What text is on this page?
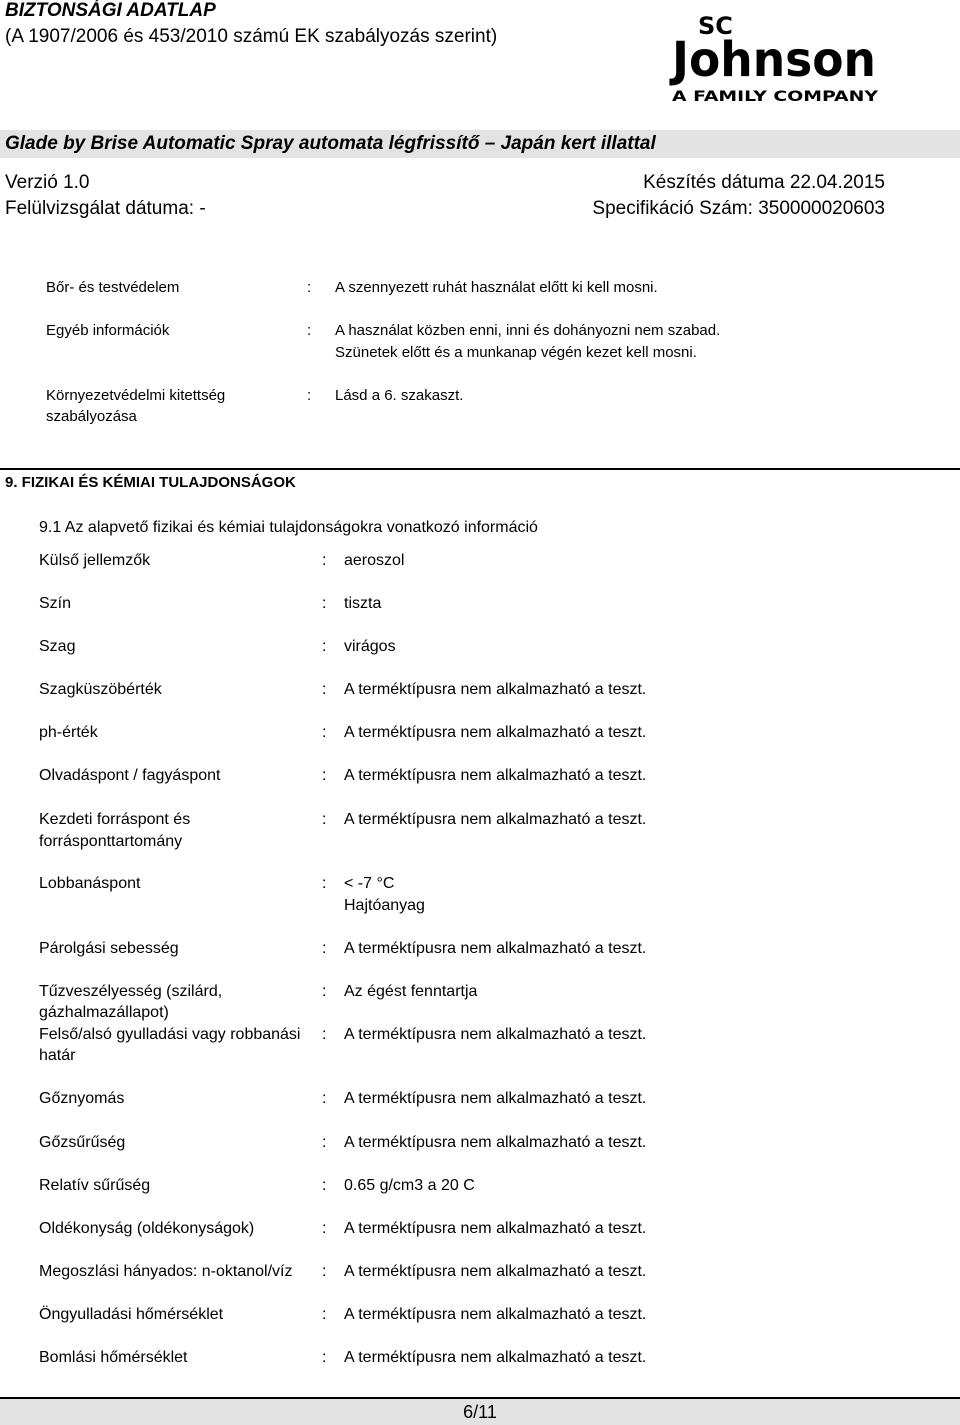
BIZTONSÁGI ADATLAP
(A 1907/2006 és 453/2010 számú EK szabályozás szerint)	Johnson
SC
A FAMILY COMPANY
Glade by Brise Automatic Spray automata légfrissítő – Japán kert illattal
Verzió 1.0	Készítés dátuma 22.04.2015
Felülvizsgálat dátuma: -	Specifikáció Szám: 350000020603
Bőr- és testvédelem	: A szennyezett ruhát használat előtt ki kell mosni.
Egyéb információk	: A használat közben enni, inni és dohányozni nem szabad.
Szünetek előtt és a munkanap végén kezet kell mosni.
Környezetvédelmi kitettség
szabályozása
: Lásd a 6. szakaszt.
9. FIZIKAI ÉS KÉMIAI TULAJDONSÁGOK
9.1 Az alapvető fizikai és kémiai tulajdonságokra vonatkozó információ
Külső jellemzők	: aeroszol
Szín	: tiszta
Szag	: virágos
Szagküszöbérték	: A terméktípusra nem alkalmazható a teszt.
ph-érték	: A terméktípusra nem alkalmazható a teszt.
Olvadáspont / fagyáspont	: A terméktípusra nem alkalmazható a teszt.
Kezdeti forráspont és
forrásponttartomány
: A terméktípusra nem alkalmazható a teszt.
Lobbanáspont	: < -7 °C
Hajtóanyag
Párolgási sebesség	: A terméktípusra nem alkalmazható a teszt.
Tűzveszélyesség (szilárd,
gázhalmazállapot)
: Az égést fenntartja
Felső/alsó gyulladási vagy robbanási
határ
: A terméktípusra nem alkalmazható a teszt.
Gőznyomás	: A terméktípusra nem alkalmazható a teszt.
Gőzsűrűség	: A terméktípusra nem alkalmazható a teszt.
Relatív sűrűség	: 0.65 g/cm3 a 20 C
Oldékonyság (oldékonyságok)	: A terméktípusra nem alkalmazható a teszt.
Megoszlási hányados: n-oktanol/víz : A terméktípusra nem alkalmazható a teszt.
Öngyulladási hőmérséklet	: A terméktípusra nem alkalmazható a teszt.
Bomlási hőmérséklet	: A terméktípusra nem alkalmazható a teszt.
6/11
